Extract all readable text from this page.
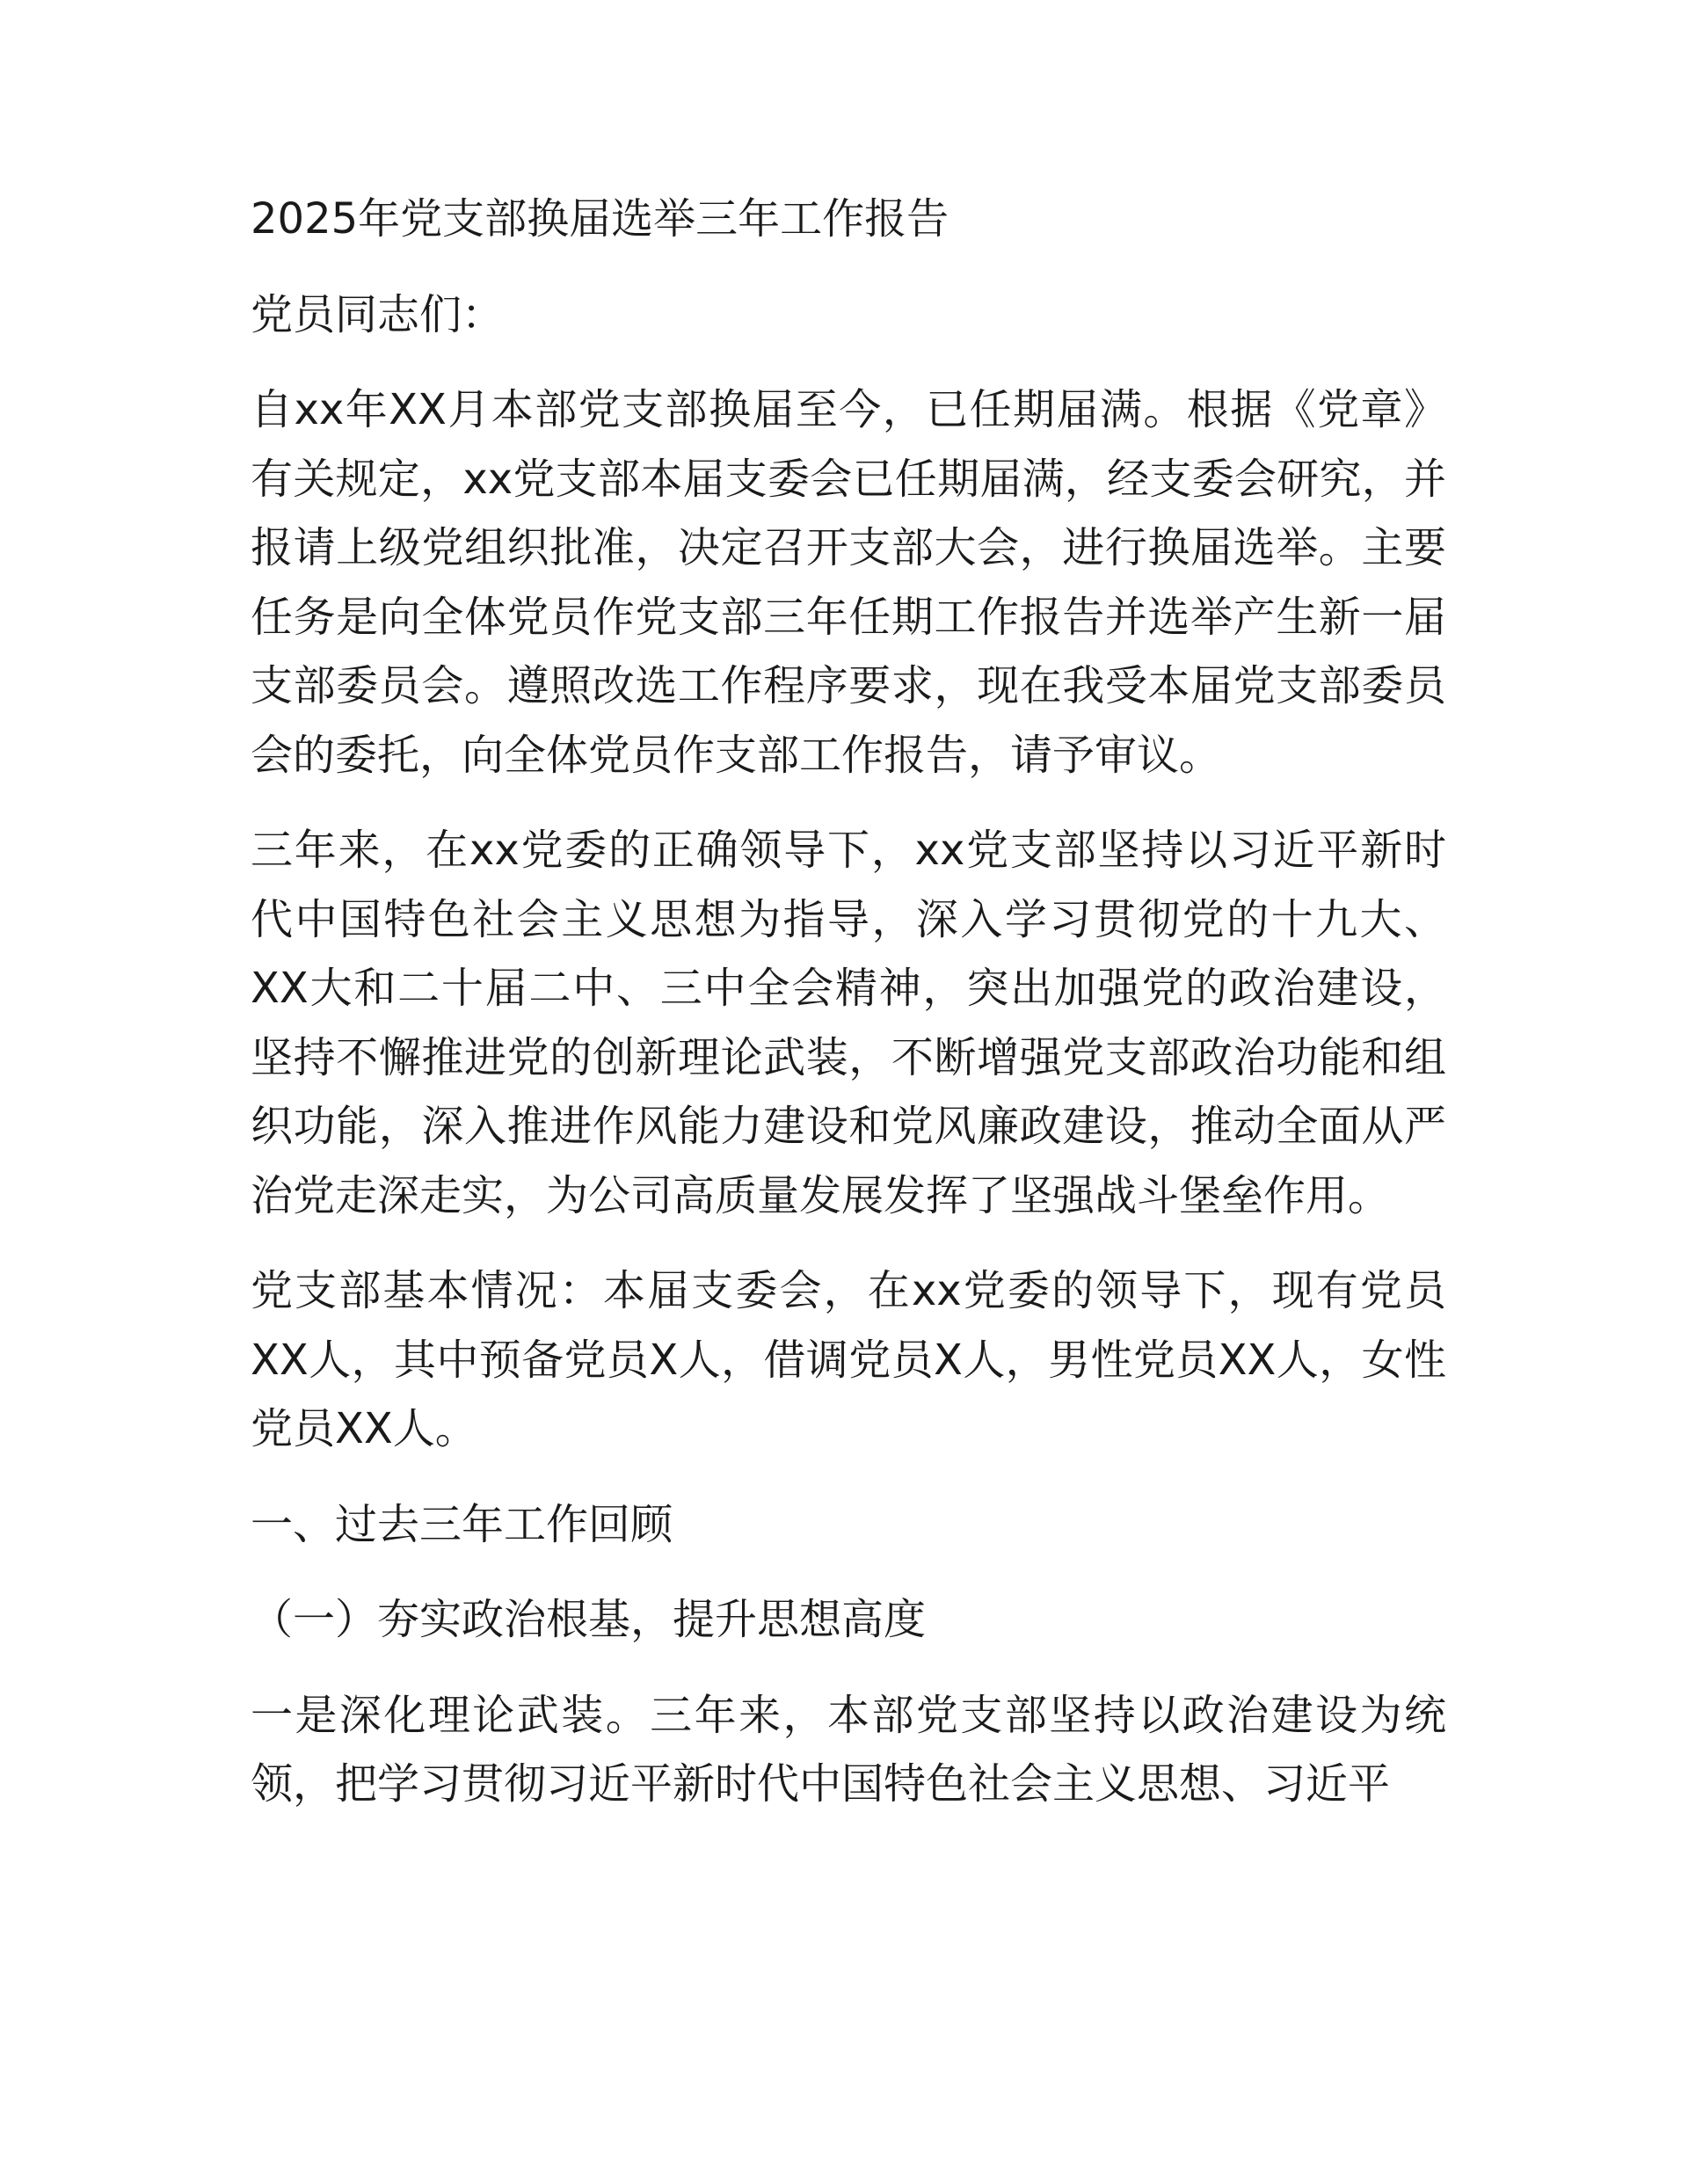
2025年党支部换届选举三年工作报告

党员同志们：

自xx年XX月本部党支部换届至今，已任期届满。根据《党章》有关规定，xx党支部本届支委会已任期届满，经支委会研究，并报请上级党组织批准，决定召开支部大会，进行换届选举。主要任务是向全体党员作党支部三年任期工作报告并选举产生新一届支部委员会。遵照改选工作程序要求，现在我受本届党支部委员会的委托，向全体党员作支部工作报告，请予审议。

三年来，在xx党委的正确领导下，xx党支部坚持以习近平新时代中国特色社会主义思想为指导，深入学习贯彻党的十九大、XX大和二十届二中、三中全会精神，突出加强党的政治建设，坚持不懈推进党的创新理论武装，不断增强党支部政治功能和组织功能，深入推进作风能力建设和党风廉政建设，推动全面从严治党走深走实，为公司高质量发展发挥了坚强战斗堡垒作用。

党支部基本情况：本届支委会，在xx党委的领导下，现有党员XX人，其中预备党员X人，借调党员X人，男性党员XX人，女性党员XX人。

一、过去三年工作回顾

（一）夯实政治根基，提升思想高度

一是深化理论武装。三年来，本部党支部坚持以政治建设为统领，把学习贯彻习近平新时代中国特色社会主义思想、习近平
